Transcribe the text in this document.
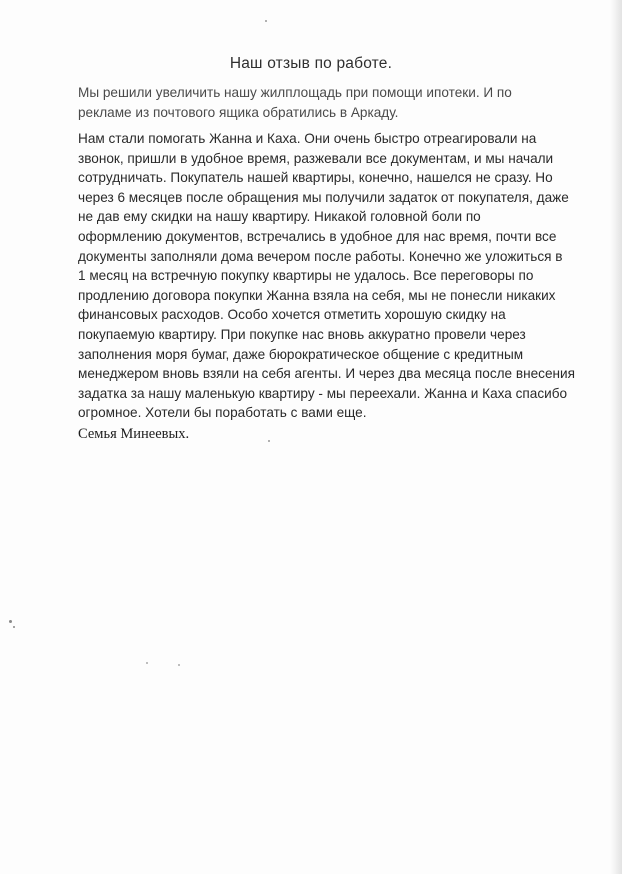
Наш отзыв по работе.

Мы решили увеличить нашу жилплощадь при помощи ипотеки. И по
рекламе из почтового ящика обратились в Аркаду.

Нам стали помогать Жанна и Каха. Они очень быстро отреагировали на
звонок, пришли в удобное время, разжевали все документам, и мы начали
сотрудничать. Покупатель нашей квартиры, конечно, нашелся не сразу. Но
через 6 месяцев после обращения мы получили задаток от покупателя, даже
не дав ему скидки на нашу квартиру. Никакой головной боли по
оформлению документов, встречались в удобное для нас время, почти все
документы заполняли дома вечером после работы. Конечно же уложиться в
1 месяц на встречную покупку квартиры не удалось. Все переговоры по
продлению договора покупки Жанна взяла на себя, мы не понесли никаких
финансовых расходов. Особо хочется отметить хорошую скидку на
покупаемую квартиру. При покупке нас вновь аккуратно провели через
заполнения моря бумаг, даже бюрократическое общение с кредитным
менеджером вновь взяли на себя агенты. И через два месяца после внесения
задатка за нашу маленькую квартиру - мы переехали. Жанна и Каха спасибо
огромное. Хотели бы поработать с вами еще.

Семья Минеевых.
